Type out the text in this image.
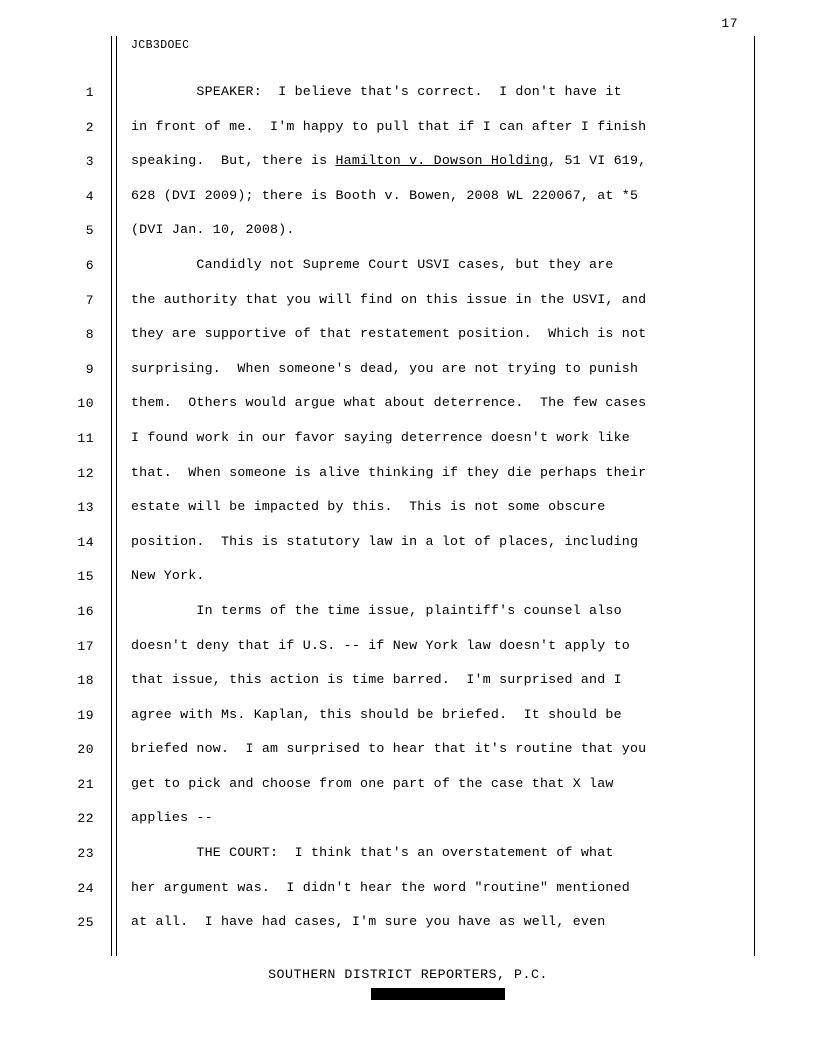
17
JCB3DOEC
1	SPEAKER:  I believe that's correct.  I don't have it
2	in front of me.  I'm happy to pull that if I can after I finish
3	speaking.  But, there is Hamilton v. Dowson Holding, 51 VI 619,
4	628 (DVI 2009); there is Booth v. Bowen, 2008 WL 220067, at *5
5	(DVI Jan. 10, 2008).
6	Candidly not Supreme Court USVI cases, but they are
7	the authority that you will find on this issue in the USVI, and
8	they are supportive of that restatement position.  Which is not
9	surprising.  When someone's dead, you are not trying to punish
10	them.  Others would argue what about deterrence.  The few cases
11	I found work in our favor saying deterrence doesn't work like
12	that.  When someone is alive thinking if they die perhaps their
13	estate will be impacted by this.  This is not some obscure
14	position.  This is statutory law in a lot of places, including
15	New York.
16	In terms of the time issue, plaintiff's counsel also
17	doesn't deny that if U.S. -- if New York law doesn't apply to
18	that issue, this action is time barred.  I'm surprised and I
19	agree with Ms. Kaplan, this should be briefed.  It should be
20	briefed now.  I am surprised to hear that it's routine that you
21	get to pick and choose from one part of the case that X law
22	applies --
23	THE COURT:  I think that's an overstatement of what
24	her argument was.  I didn't hear the word "routine" mentioned
25	at all.  I have had cases, I'm sure you have as well, even
SOUTHERN DISTRICT REPORTERS, P.C.
